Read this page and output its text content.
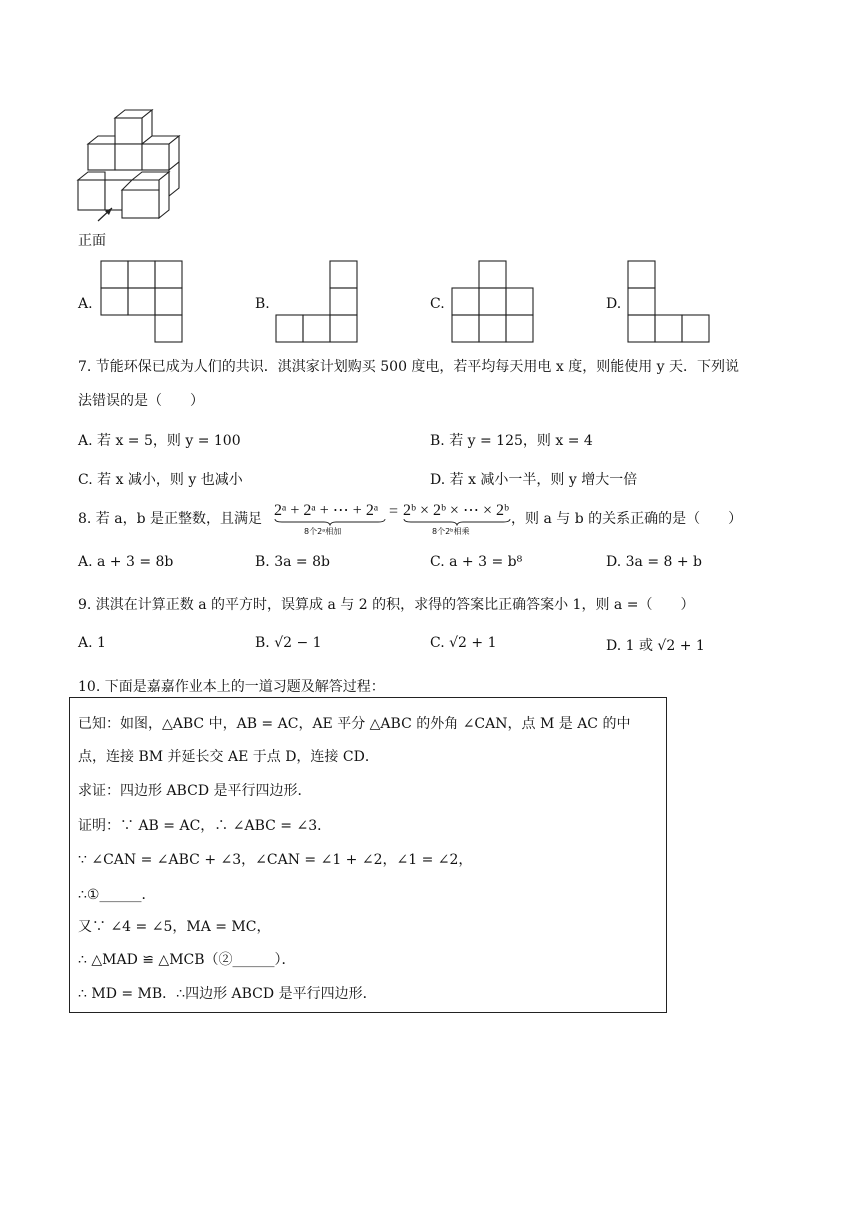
正面
A.	B.	C.	D.
7. 节能环保已成为人们的共识．淇淇家计划购买 500 度电，若平均每天用电 x 度，则能使用 y 天．下列说
法错误的是（　　）
A. 若 x = 5，则 y = 100	B. 若 y = 125，则 x = 4
C. 若 x 减小，则 y 也减小	D. 若 x 减小一半，则 y 增大一倍
8. 若 a，b 是正整数，且满足 2ᵃ + 2ᵃ + ⋯ + 2ᵃ
8个2ᵃ相加
= 2ᵇ × 2ᵇ × ⋯ × 2ᵇ
8个2ᵇ相乘
，则 a 与 b 的关系正确的是（　　）
A. a + 3 = 8b	B. 3a = 8b	C. a + 3 = b⁸	D. 3a = 8 + b
9. 淇淇在计算正数 a 的平方时，误算成 a 与 2 的积，求得的答案比正确答案小 1，则 a =（　　）
A. 1	B. √2 − 1	C. √2 + 1	D. 1 或 √2 + 1
10. 下面是嘉嘉作业本上的一道习题及解答过程：
已知：如图，△ABC 中，AB = AC，AE 平分 △ABC 的外角 ∠CAN，点 M 是 AC 的中
点，连接 BM 并延长交 AE 于点 D，连接 CD．
求证：四边形 ABCD 是平行四边形．
证明：∵ AB = AC，∴ ∠ABC = ∠3．
∵ ∠CAN = ∠ABC + ∠3，∠CAN = ∠1 + ∠2，∠1 = ∠2，
∴①______．
又∵ ∠4 = ∠5，MA = MC，
∴ △MAD ≌ △MCB（②______）．
∴ MD = MB．∴四边形 ABCD 是平行四边形．
